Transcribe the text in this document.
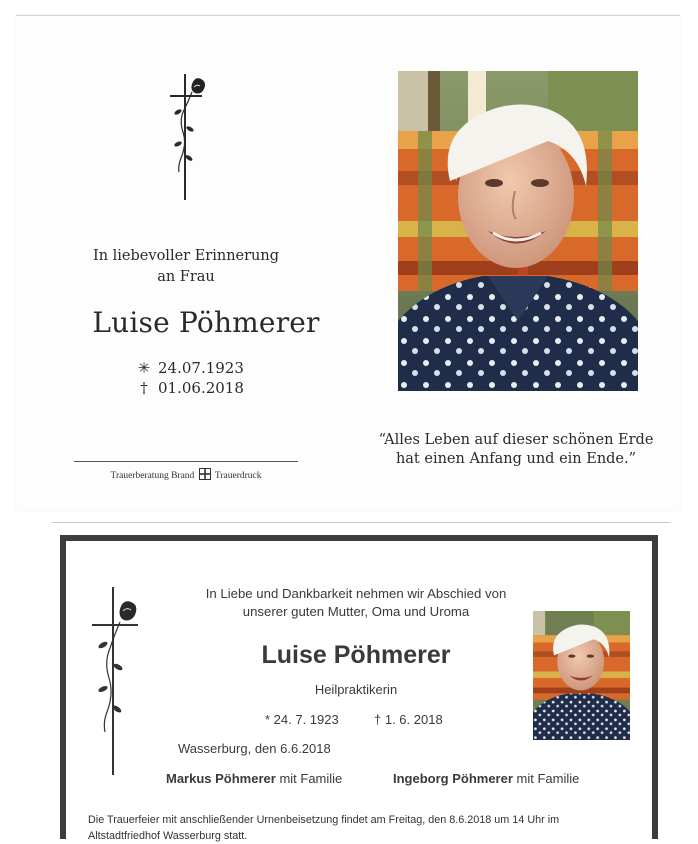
In liebevoller Erinnerung
an Frau
Luise Pöhmerer
✳ 24.07.1923
† 01.06.2018
Trauerberatung Brand ☒ Trauerdruck
“Alles Leben auf dieser schönen Erde
hat einen Anfang und ein Ende.”
In Liebe und Dankbarkeit nehmen wir Abschied von
unserer guten Mutter, Oma und Uroma
Luise Pöhmerer
Heilpraktikerin
* 24. 7. 1923	† 1. 6. 2018
Wasserburg, den 6.6.2018
Markus Pöhmerer mit Familie	Ingeborg Pöhmerer mit Familie
Die Trauerfeier mit anschließender Urnenbeisetzung findet am Freitag, den 8.6.2018 um 14 Uhr im
Altstadtfriedhof Wasserburg statt.
